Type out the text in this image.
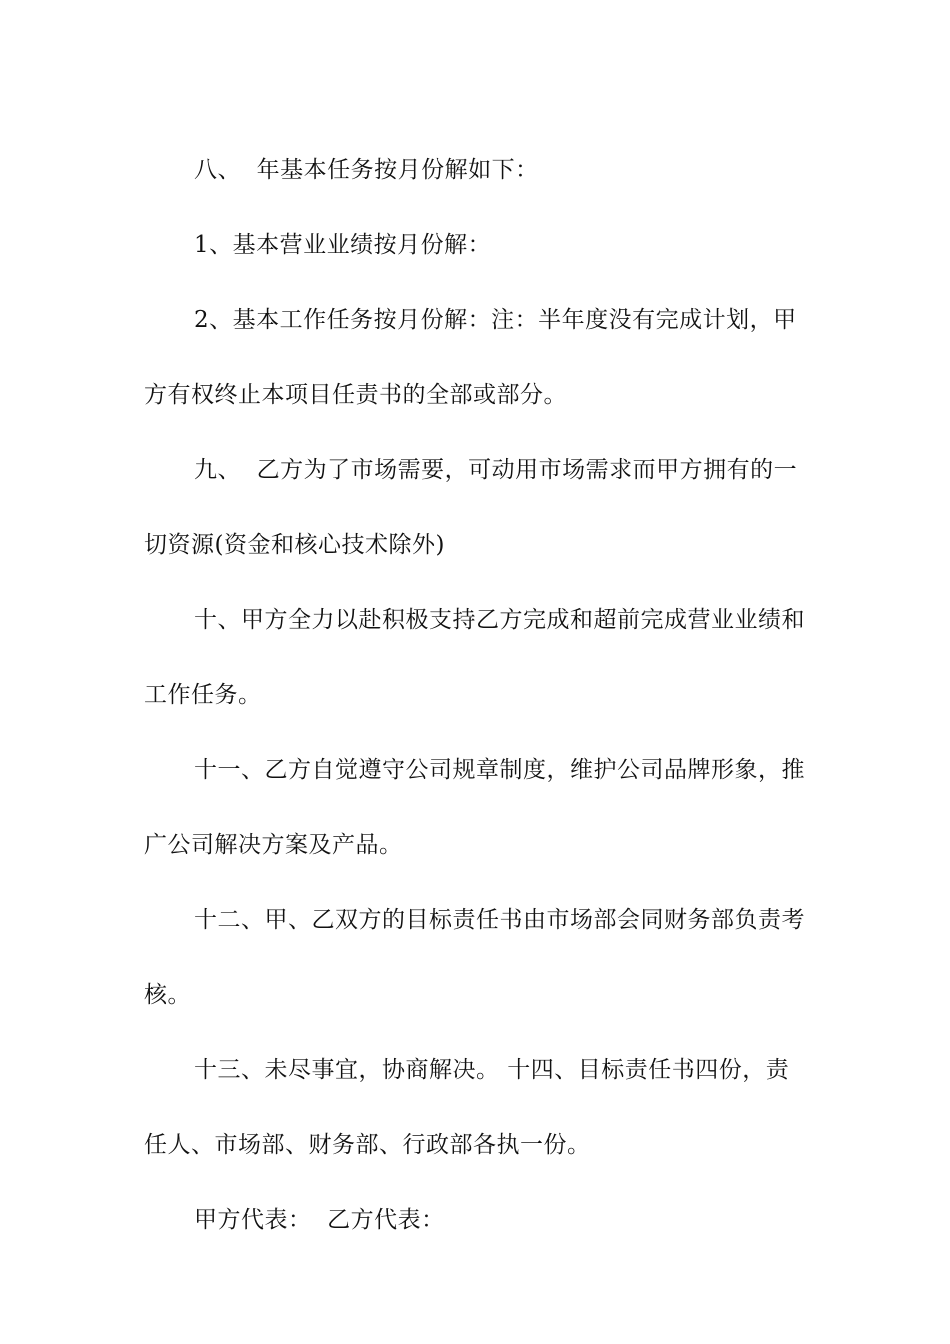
八、  年基本任务按月份解如下：

1、基本营业业绩按月份解：

2、基本工作任务按月份解：注：半年度没有完成计划，甲方有权终止本项目任责书的全部或部分。

九、  乙方为了市场需要，可动用市场需求而甲方拥有的一切资源(资金和核心技术除外)

十、甲方全力以赴积极支持乙方完成和超前完成营业业绩和工作任务。

十一、乙方自觉遵守公司规章制度，维护公司品牌形象，推广公司解决方案及产品。

十二、甲、乙双方的目标责任书由市场部会同财务部负责考核。

十三、未尽事宜，协商解决。 十四、目标责任书四份，责任人、市场部、财务部、行政部各执一份。

甲方代表：  乙方代表：
